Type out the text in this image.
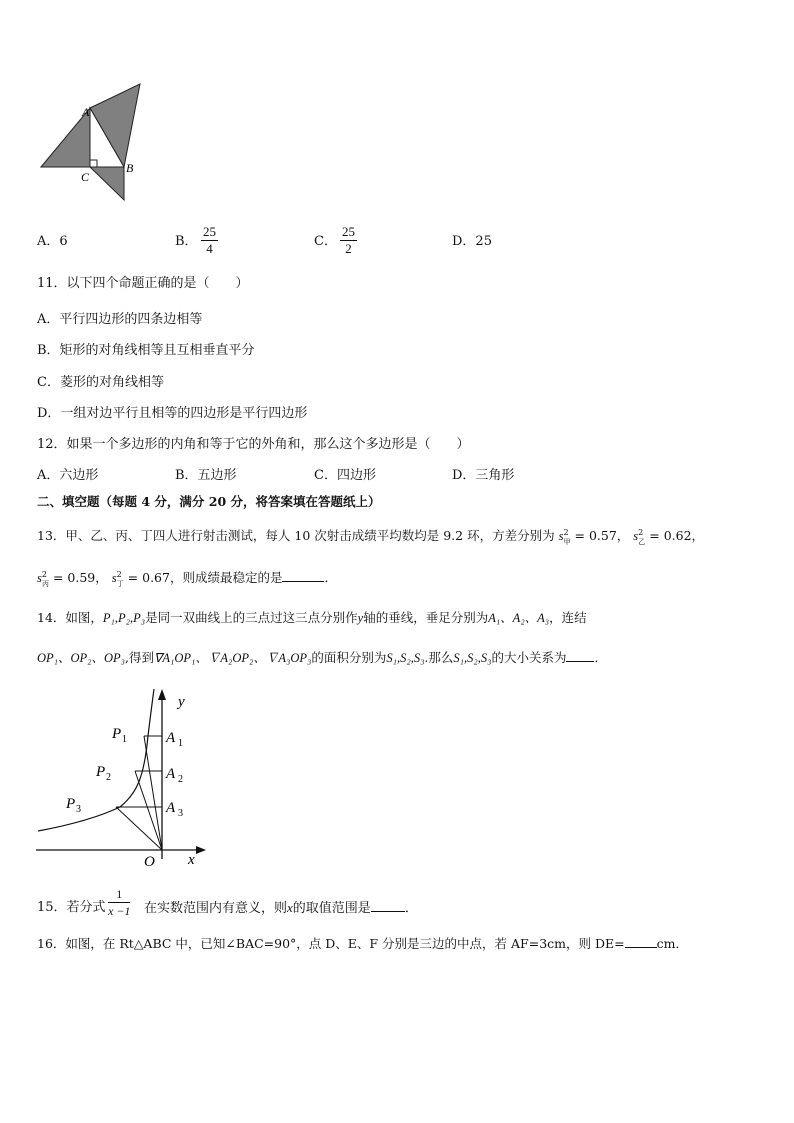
A
B
C
A．6	B． $\frac{25}{4}$	C． $\frac{25}{2}$	D．25
11．以下四个命题正确的是（　　）
A．平行四边形的四条边相等
B．矩形的对角线相等且互相垂直平分
C．菱形的对角线相等
D．一组对边平行且相等的四边形是平行四边形
12．如果一个多边形的内角和等于它的外角和，那么这个多边形是（　　）
A．六边形	B．五边形	C．四边形	D．三角形
二、填空题（每题 4 分，满分 20 分，将答案填在答题纸上）
13．甲、乙、丙、丁四人进行射击测试，每人 10 次射击成绩平均数均是 9.2 环，方差分别为 $s^2_甲 = 0.57$， $s^2_乙 = 0.62$，
$s^2_丙 = 0.59$， $s^2_丁 = 0.67$，则成绩最稳定的是	．
14．如图，P₁,P₂,P₃是同一双曲线上的三点过这三点分别作y轴的垂线，垂足分别为A₁、A₂、A₃，连结
OP₁、OP₂、OP₃,得到∇A₁OP₁、∇A₂OP₂、∇A₃OP₃的面积分别为S₁,S₂,S₃.那么S₁,S₂,S₃的大小关系为 ．
y
x
O
P 1
P 2
P 3
A 1
A 2
A 3
15．若分式 $\frac{1}{x -1}$ 在实数范围内有意义，则x的取值范围是	．
16．如图，在 Rt△ABC 中，已知∠BAC=90°，点 D、E、F 分别是三边的中点，若 AF=3cm，则 DE=	cm．
